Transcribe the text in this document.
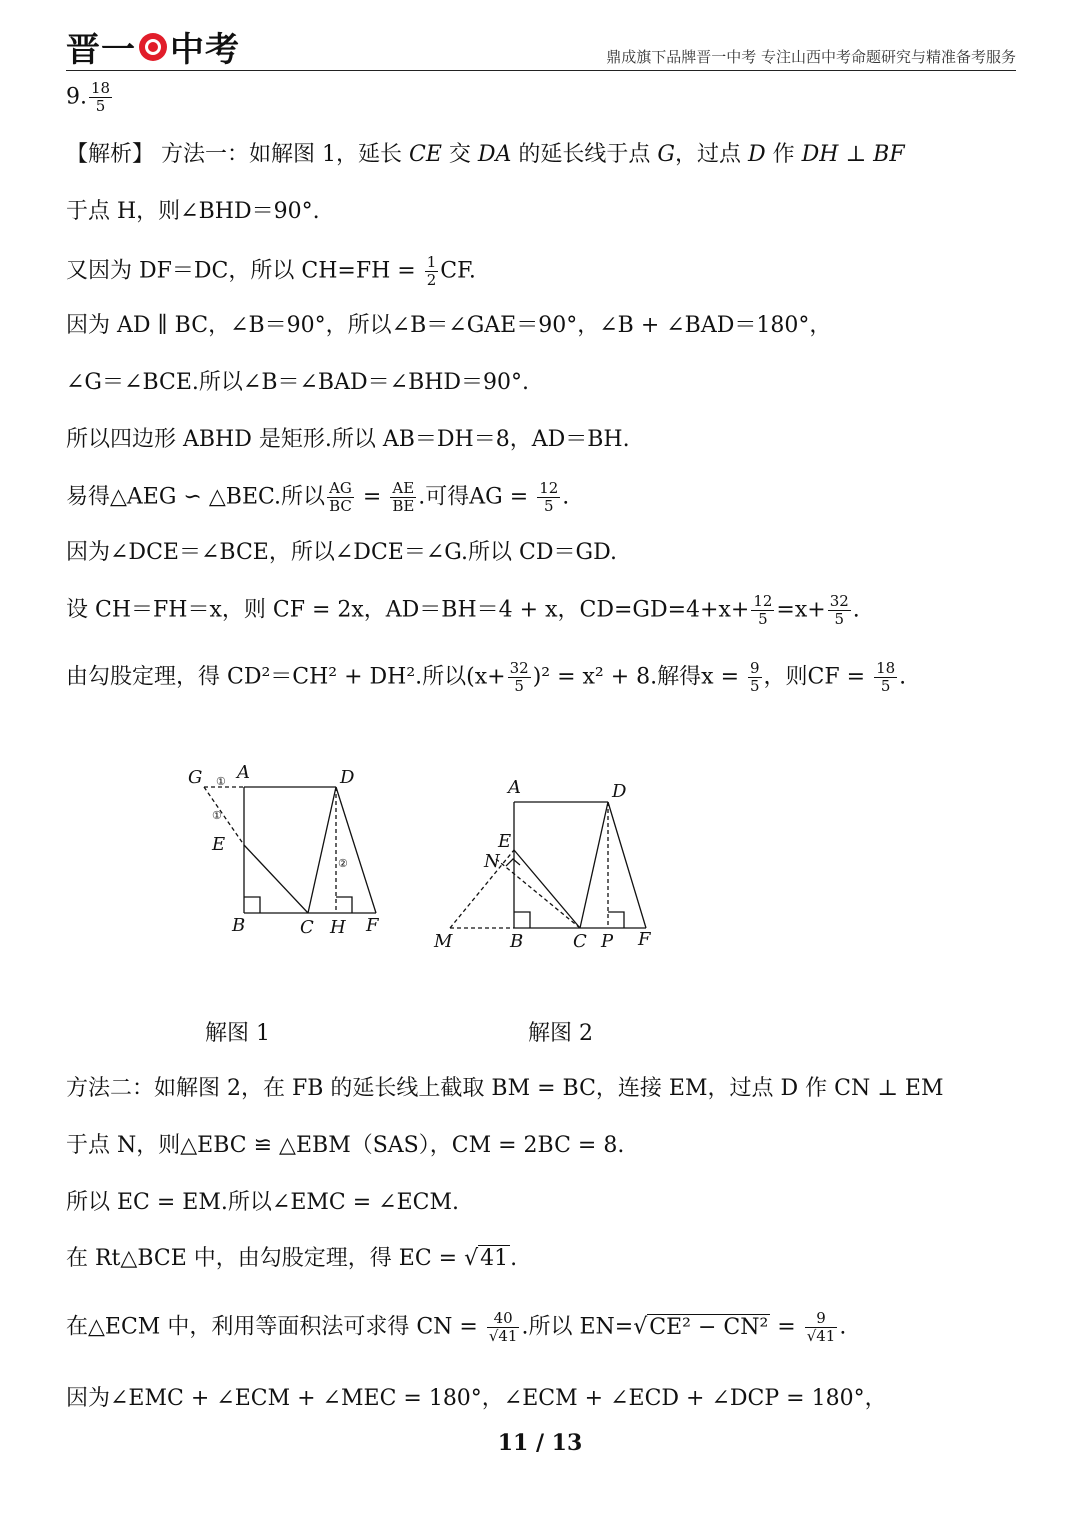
晋一 中考	鼎成旗下品牌晋一中考 专注山西中考命题研究与精准备考服务
9. $\frac{18}{5}$
【解析】 方法一：如解图 1，延长 CE 交 DA 的延长线于点 G，过点 D 作 DH ⊥ BF
于点 H，则∠BHD＝90°.
又因为 DF＝DC，所以 $CH=FH = \frac{1}{2}$ CF.
因为 AD ∥ BC，∠B＝90°，所以∠B＝∠GAE＝90°，∠B + ∠BAD＝180°，
∠G＝∠BCE.所以∠B＝∠BAD＝∠BHD＝90°.
所以四边形 ABHD 是矩形.所以 AB＝DH＝8，AD＝BH.
易得△AEG ∽ △BEC.所以 $\frac{AG}{BC} = \frac{AE}{BE}$ .可得AG = $\frac{12}{5}$ .
因为∠DCE＝∠BCE，所以∠DCE＝∠G.所以 CD＝GD.
设 CH＝FH＝x，则 CF = 2x，AD＝BH＝4 + x，$CD=GD=4+x+ \frac{12}{5} =x+ \frac{32}{5}$ .
由勾股定理，得 CD²＝CH² + DH².所以$(x+ \frac{32}{5} )^2 = x^2 + 8$.解得$x = \frac{9}{5}$ ，则CF = $\frac{18}{5}$ .
G A	D
E
B	C H F
①
①
②
A	D
E
N
M	B	C P F
解图 1	解图 2
方法二：如解图 2，在 FB 的延长线上截取 BM = BC，连接 EM，过点 D 作 CN ⊥ EM
于点 N，则△EBC ≌ △EBM（SAS），CM = 2BC = 8.
所以 EC = EM.所以∠EMC = ∠ECM.
在 Rt△BCE 中，由勾股定理，得 EC = √41.
在△ECM 中，利用等面积法可求得 CN = $\frac{40}{√41}$ .所以 $EN=√CE^2 - CN^2 = \frac{9}{√41}$ .
因为∠EMC + ∠ECM + ∠MEC = 180°，∠ECM + ∠ECD + ∠DCP = 180°，
11 / 13
